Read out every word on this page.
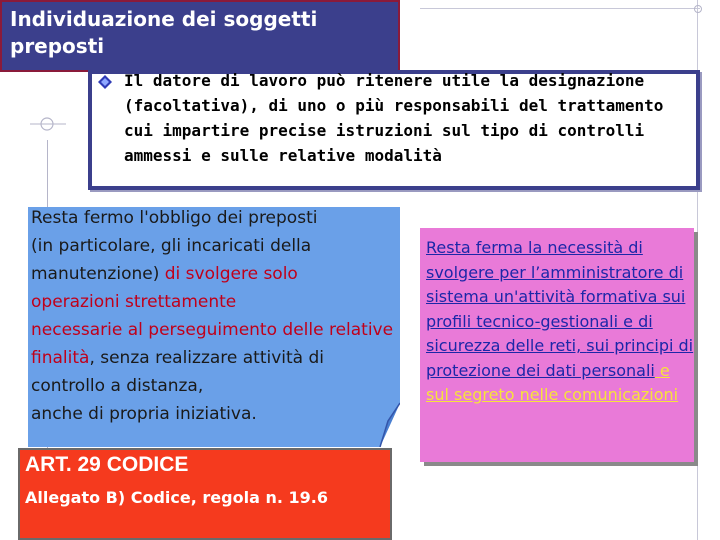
Individuazione dei soggetti preposti
Il datore di lavoro può ritenere utile la designazione (facoltativa), di uno o più responsabili del trattamento cui impartire precise istruzioni sul tipo di controlli ammessi e sulle relative modalità
Resta fermo l'obbligo dei preposti
(in particolare, gli incaricati della
manutenzione) di svolgere solo
operazioni strettamente
necessarie al perseguimento delle relative
finalità, senza realizzare attività di
controllo a distanza,
anche di propria iniziativa.
Resta ferma la necessità di svolgere per l’amministratore di sistema un'attività formativa sui profili tecnico-gestionali e di sicurezza delle reti, sui principi di protezione dei dati personali e sul segreto nelle comunicazioni
ART. 29 CODICE
Allegato B) Codice, regola n. 19.6
